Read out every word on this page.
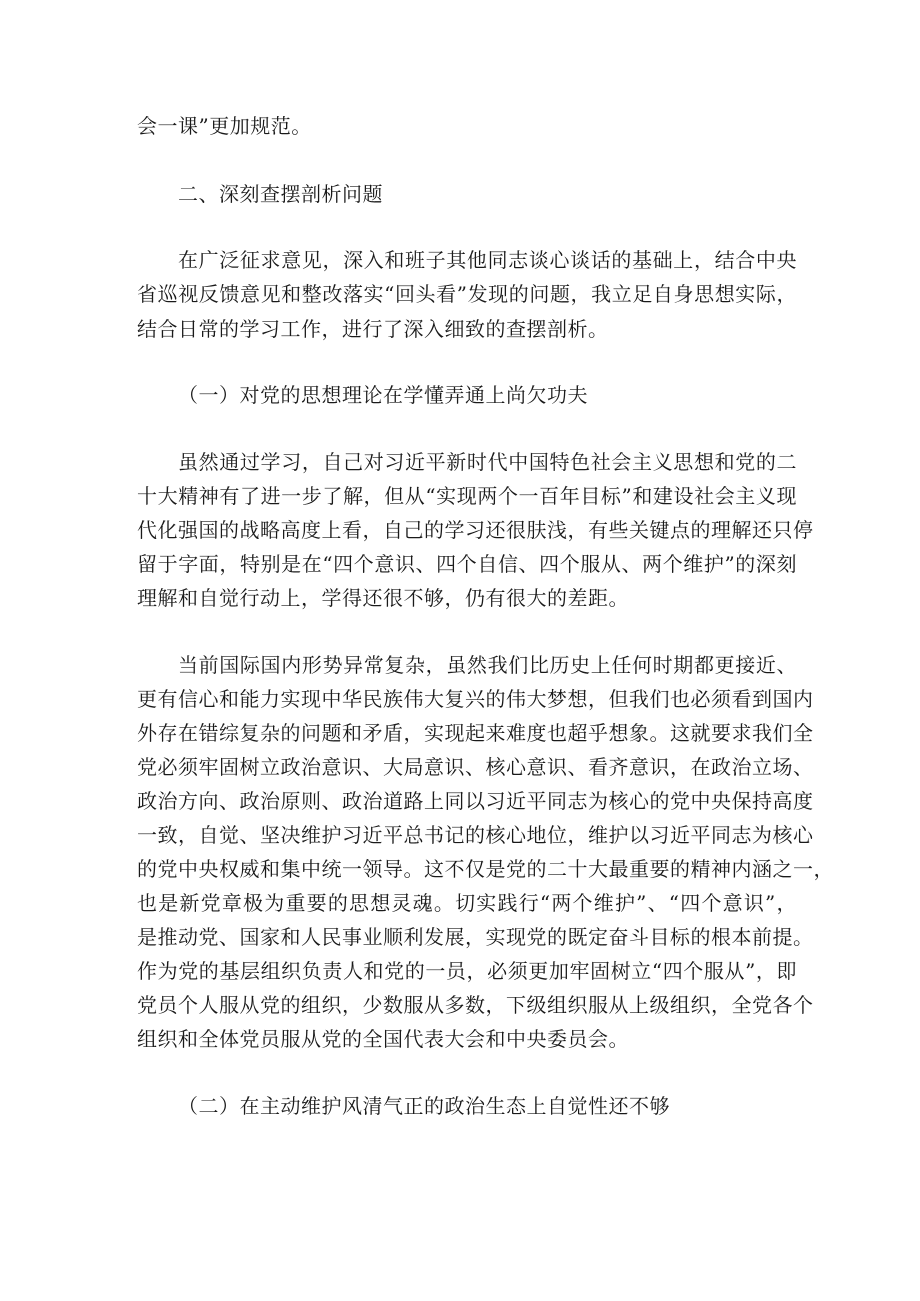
会一课”更加规范。
二、深刻查摆剖析问题
在广泛征求意见，深入和班子其他同志谈心谈话的基础上，结合中央
省巡视反馈意见和整改落实“回头看”发现的问题，我立足自身思想实际，
结合日常的学习工作，进行了深入细致的查摆剖析。
（一）对党的思想理论在学懂弄通上尚欠功夫
虽然通过学习，自己对习近平新时代中国特色社会主义思想和党的二
十大精神有了进一步了解，但从“实现两个一百年目标”和建设社会主义现
代化强国的战略高度上看，自己的学习还很肤浅，有些关键点的理解还只停
留于字面，特别是在“四个意识、四个自信、四个服从、两个维护”的深刻
理解和自觉行动上，学得还很不够，仍有很大的差距。
当前国际国内形势异常复杂，虽然我们比历史上任何时期都更接近、
更有信心和能力实现中华民族伟大复兴的伟大梦想，但我们也必须看到国内
外存在错综复杂的问题和矛盾，实现起来难度也超乎想象。这就要求我们全
党必须牢固树立政治意识、大局意识、核心意识、看齐意识，在政治立场、
政治方向、政治原则、政治道路上同以习近平同志为核心的党中央保持高度
一致，自觉、坚决维护习近平总书记的核心地位，维护以习近平同志为核心
的党中央权威和集中统一领导。这不仅是党的二十大最重要的精神内涵之一，
也是新党章极为重要的思想灵魂。切实践行“两个维护”、“四个意识”，
是推动党、国家和人民事业顺利发展，实现党的既定奋斗目标的根本前提。
作为党的基层组织负责人和党的一员，必须更加牢固树立“四个服从”，即
党员个人服从党的组织，少数服从多数，下级组织服从上级组织，全党各个
组织和全体党员服从党的全国代表大会和中央委员会。
（二）在主动维护风清气正的政治生态上自觉性还不够
